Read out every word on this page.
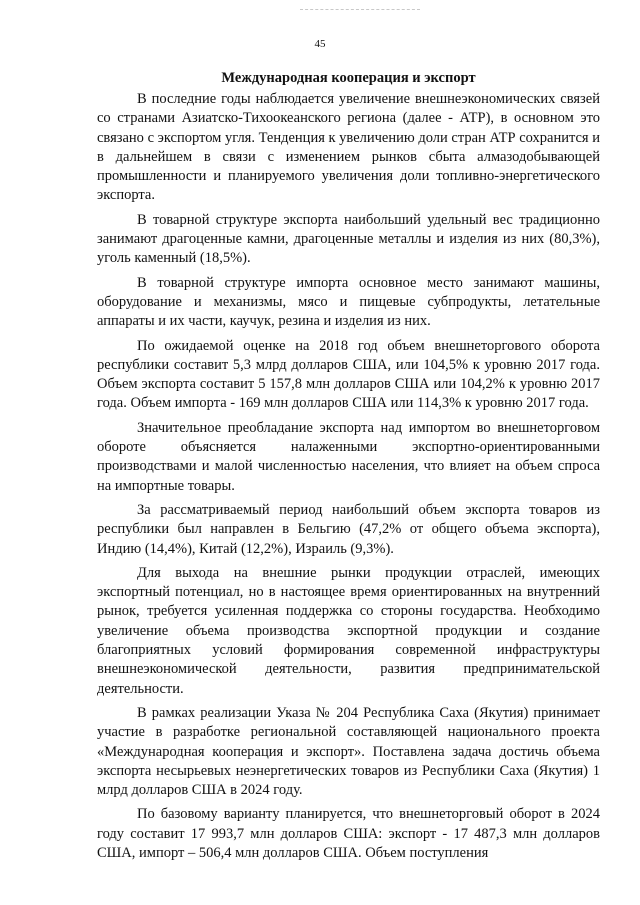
45
Международная кооперация и экспорт

В последние годы наблюдается увеличение внешнеэкономических связей со странами Азиатско-Тихоокеанского региона (далее - АТР), в основном это связано с экспортом угля. Тенденция к увеличению доли стран АТР сохранится и в дальнейшем в связи с изменением рынков сбыта алмазодобывающей промышленности и планируемого увеличения доли топливно-энергетического экспорта.

В товарной структуре экспорта наибольший удельный вес традиционно занимают драгоценные камни, драгоценные металлы и изделия из них (80,3%), уголь каменный (18,5%).

В товарной структуре импорта основное место занимают машины, оборудование и механизмы, мясо и пищевые субпродукты, летательные аппараты и их части, каучук, резина и изделия из них.

По ожидаемой оценке на 2018 год объем внешнеторгового оборота республики составит 5,3 млрд долларов США, или 104,5% к уровню 2017 года. Объем экспорта составит 5 157,8 млн долларов США или 104,2% к уровню 2017 года. Объем импорта - 169 млн долларов США или 114,3% к уровню 2017 года.

Значительное преобладание экспорта над импортом во внешнеторговом обороте объясняется налаженными экспортно-ориентированными производствами и малой численностью населения, что влияет на объем спроса на импортные товары.

За рассматриваемый период наибольший объем экспорта товаров из республики был направлен в Бельгию (47,2% от общего объема экспорта), Индию (14,4%), Китай (12,2%), Израиль (9,3%).

Для выхода на внешние рынки продукции отраслей, имеющих экспортный потенциал, но в настоящее время ориентированных на внутренний рынок, требуется усиленная поддержка со стороны государства. Необходимо увеличение объема производства экспортной продукции и создание благоприятных условий формирования современной инфраструктуры внешнеэкономической деятельности, развития предпринимательской деятельности.

В рамках реализации Указа № 204 Республика Саха (Якутия) принимает участие в разработке региональной составляющей национального проекта «Международная кооперация и экспорт». Поставлена задача достичь объема экспорта несырьевых неэнергетических товаров из Республики Саха (Якутия) 1 млрд долларов США в 2024 году.

По базовому варианту планируется, что внешнеторговый оборот в 2024 году составит 17 993,7 млн долларов США: экспорт - 17 487,3 млн долларов США, импорт – 506,4 млн долларов США. Объем поступления
